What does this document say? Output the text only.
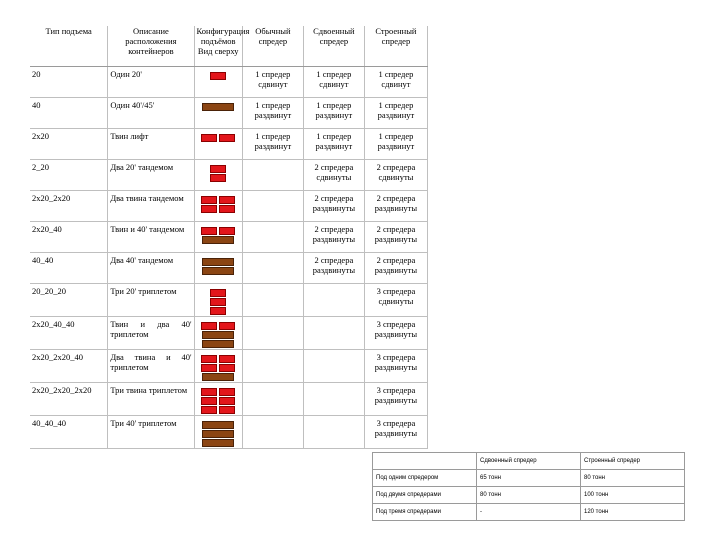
Тип подъема	Описание расположения контейнеров	Конфигурация подъёмов Вид сверху	Обычный спредер	Сдвоенный спредер	Строенный спредер
20	Один 20'		1 спредер сдвинут	1 спредер сдвинут	1 спредер сдвинут
40	Один 40'/45'		1 спредер раздвинут	1 спредер раздвинут	1 спредер раздвинут
2x20	Твин лифт		1 спредер раздвинут	1 спредер раздвинут	1 спредер раздвинут
2_20	Два 20' тандемом			2 спредера сдвинуты	2 спредера сдвинуты
2x20_2x20	Два твина тандемом			2 спредера раздвинуты	2 спредера раздвинуты
2x20_40	Твин и 40' тандемом			2 спредера раздвинуты	2 спредера раздвинуты
40_40	Два 40' тандемом			2 спредера раздвинуты	2 спредера раздвинуты
20_20_20	Три 20' триплетом				3 спредера сдвинуты
2x20_40_40	Твин и два 40' триплетом				3 спредера раздвинуты
2x20_2x20_40	Два твина и 40' триплетом				3 спредера раздвинуты
2x20_2x20_2x20	Три твина триплетом				3 спредера раздвинуты
40_40_40	Три 40' триплетом				3 спредера раздвинуты
	Сдвоенный спредер	Строенный спредер
Под одним спредером	65 тонн	80 тонн
Под двумя спредерами	80 тонн	100 тонн
Под тремя спредерами	-	120 тонн
